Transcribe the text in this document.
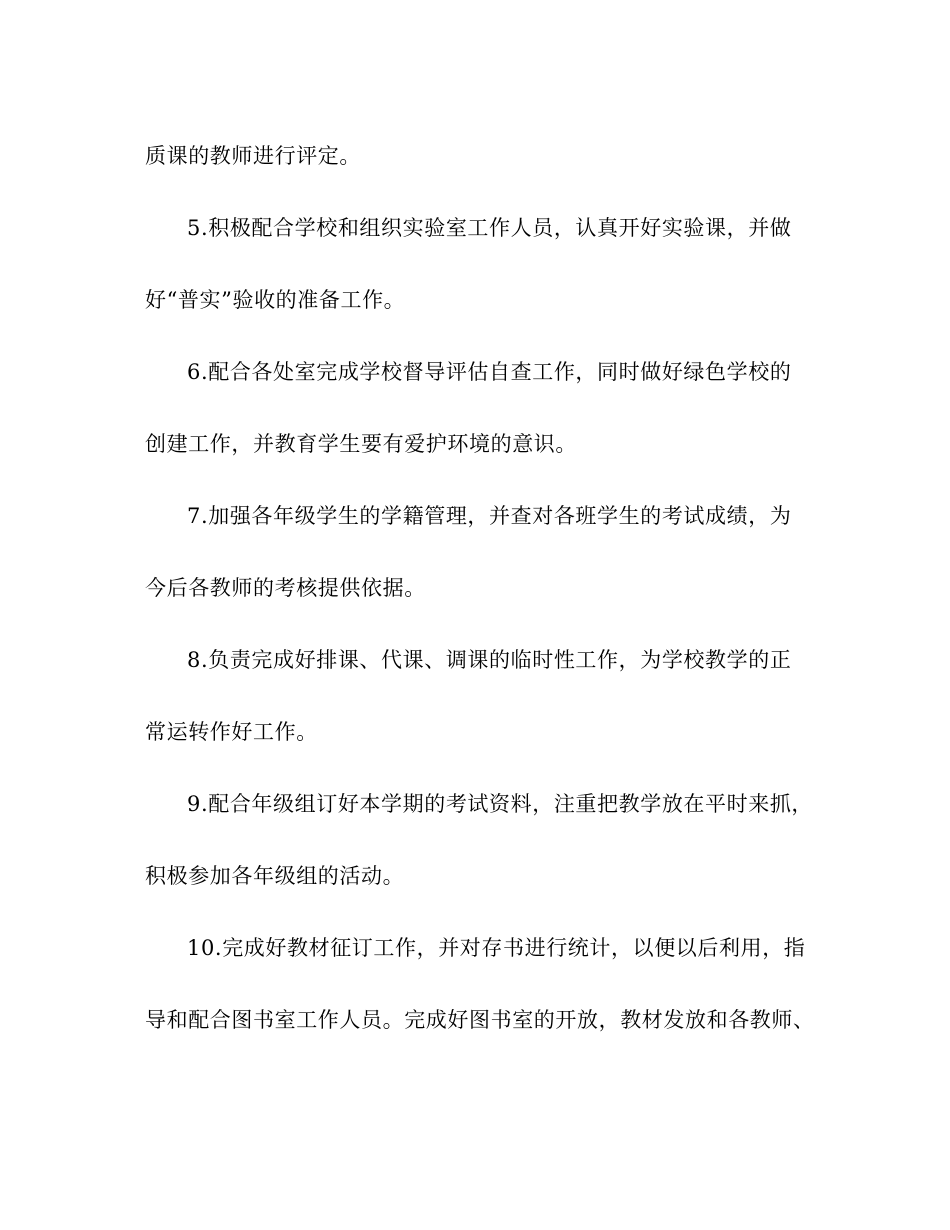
质课的教师进行评定。
5.积极配合学校和组织实验室工作人员，认真开好实验课，并做
好“普实”验收的准备工作。
6.配合各处室完成学校督导评估自查工作，同时做好绿色学校的
创建工作，并教育学生要有爱护环境的意识。
7.加强各年级学生的学籍管理，并查对各班学生的考试成绩，为
今后各教师的考核提供依据。
8.负责完成好排课、代课、调课的临时性工作，为学校教学的正
常运转作好工作。
9.配合年级组订好本学期的考试资料，注重把教学放在平时来抓，
积极参加各年级组的活动。
10.完成好教材征订工作，并对存书进行统计，以便以后利用，指
导和配合图书室工作人员。完成好图书室的开放，教材发放和各教师、
